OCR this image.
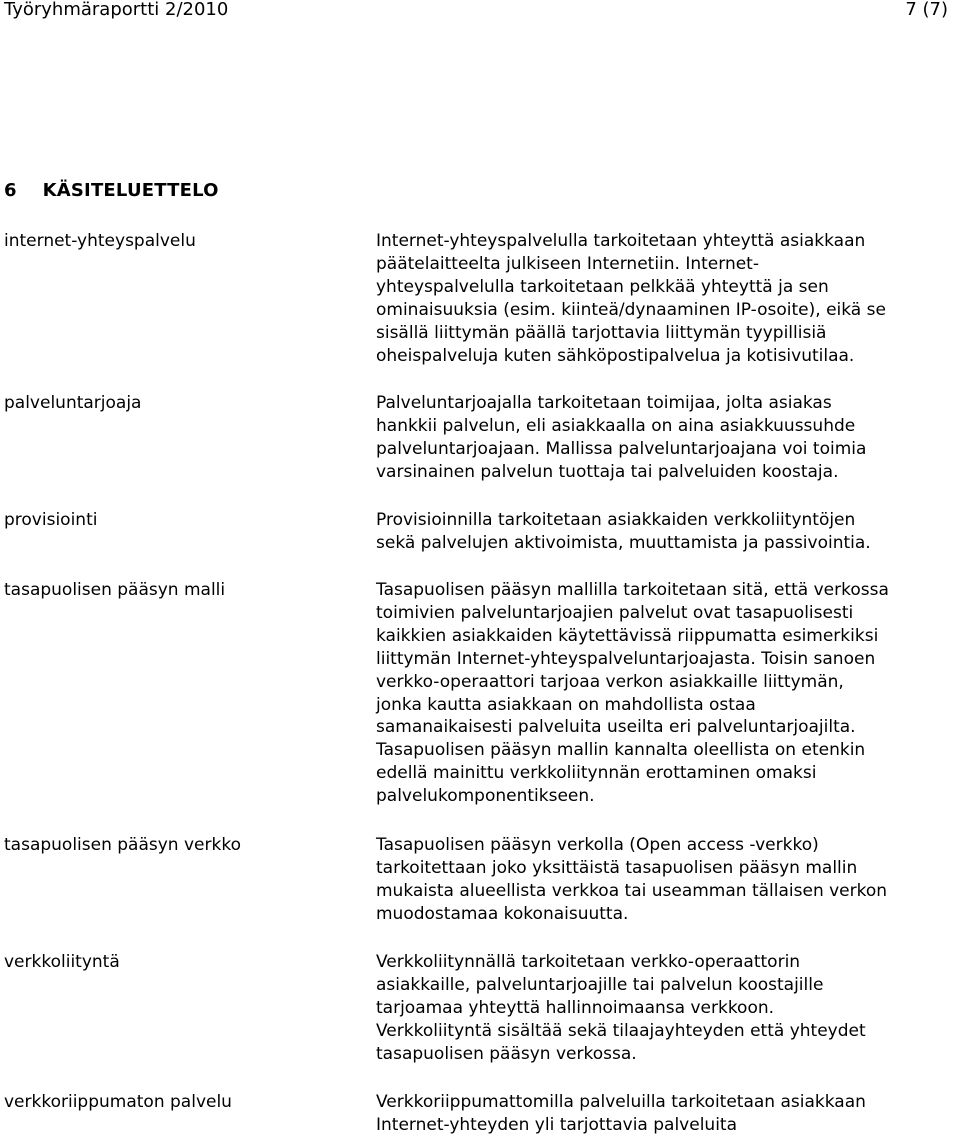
Työryhmäraportti 2/2010	7 (7)
6 KÄSITELUETTELO
internet-yhteyspalvelu	Internet-yhteyspalvelulla tarkoitetaan yhteyttä asiakkaan
päätelaitteelta julkiseen Internetiin. Internet-
yhteyspalvelulla tarkoitetaan pelkkää yhteyttä ja sen
ominaisuuksia (esim. kiinteä/dynaaminen IP-osoite), eikä se
sisällä liittymän päällä tarjottavia liittymän tyypillisiä
oheispalveluja kuten sähköpostipalvelua ja kotisivutilaa.
palveluntarjoaja	Palveluntarjoajalla tarkoitetaan toimijaa, jolta asiakas
hankkii palvelun, eli asiakkaalla on aina asiakkuussuhde
palveluntarjoajaan. Mallissa palveluntarjoajana voi toimia
varsinainen palvelun tuottaja tai palveluiden koostaja.
provisiointi	Provisioinnilla tarkoitetaan asiakkaiden verkkoliityntöjen
sekä palvelujen aktivoimista, muuttamista ja passivointia.
tasapuolisen pääsyn malli	Tasapuolisen pääsyn mallilla tarkoitetaan sitä, että verkossa
toimivien palveluntarjoajien palvelut ovat tasapuolisesti
kaikkien asiakkaiden käytettävissä riippumatta esimerkiksi
liittymän Internet-yhteyspalveluntarjoajasta. Toisin sanoen
verkko-operaattori tarjoaa verkon asiakkaille liittymän,
jonka kautta asiakkaan on mahdollista ostaa
samanaikaisesti palveluita useilta eri palveluntarjoajilta.
Tasapuolisen pääsyn mallin kannalta oleellista on etenkin
edellä mainittu verkkoliitynnän erottaminen omaksi
palvelukomponentikseen.
tasapuolisen pääsyn verkko	Tasapuolisen pääsyn verkolla (Open access -verkko)
tarkoitettaan joko yksittäistä tasapuolisen pääsyn mallin
mukaista alueellista verkkoa tai useamman tällaisen verkon
muodostamaa kokonaisuutta.
verkkoliityntä	Verkkoliitynnällä tarkoitetaan verkko-operaattorin
asiakkaille, palveluntarjoajille tai palvelun koostajille
tarjoamaa yhteyttä hallinnoimaansa verkkoon.
Verkkoliityntä sisältää sekä tilaajayhteyden että yhteydet
tasapuolisen pääsyn verkossa.
verkkoriippumaton palvelu	Verkkoriippumattomilla palveluilla tarkoitetaan asiakkaan
Internet-yhteyden yli tarjottavia palveluita
